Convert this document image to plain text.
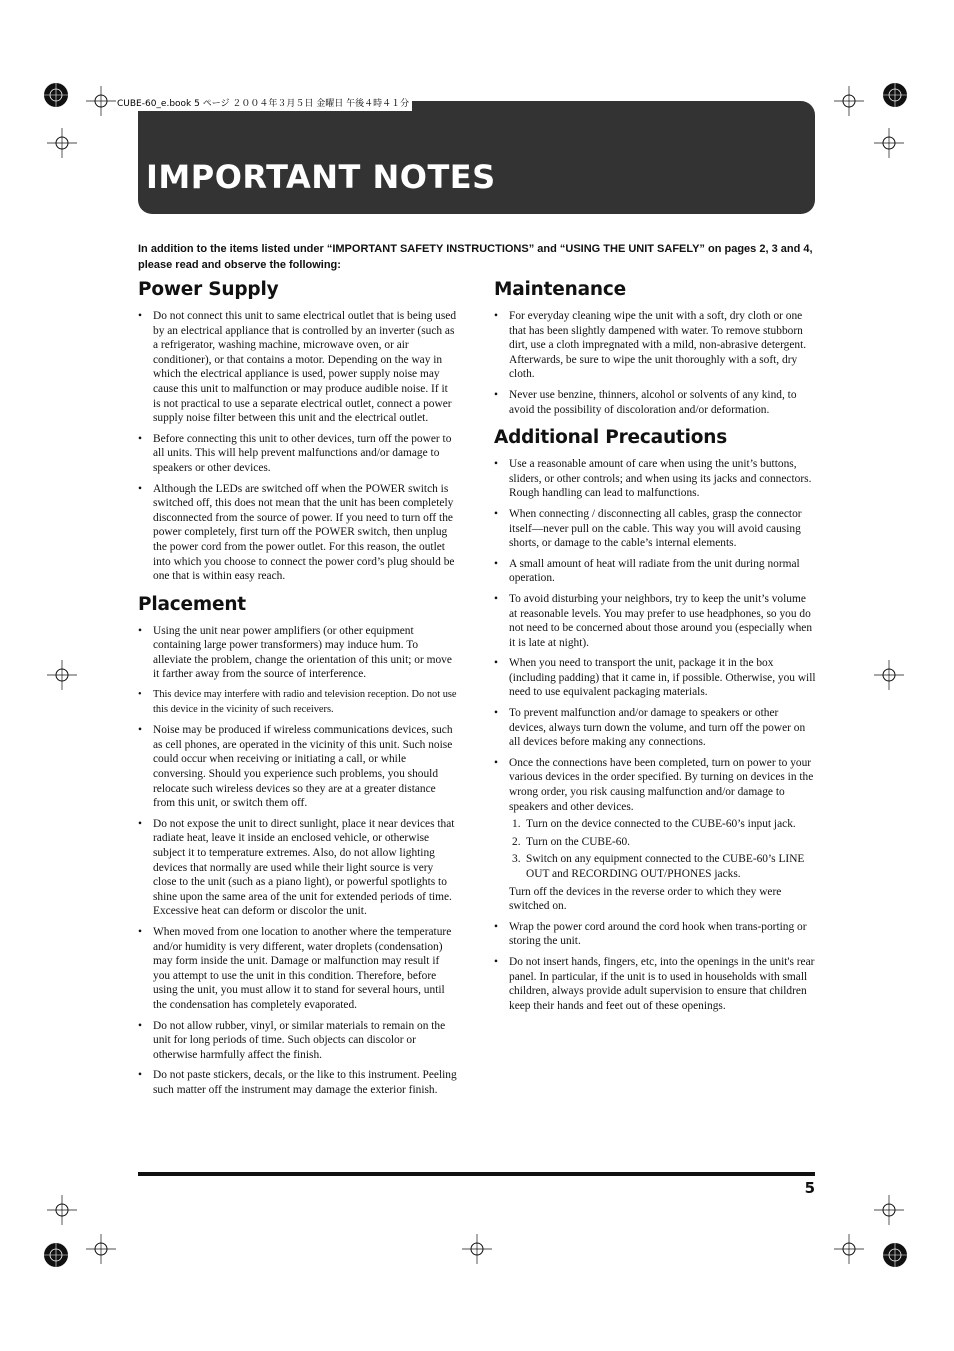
IMPORTANT NOTES
CUBE-60_e.book 5 ページ ２００４年３月５日 金曜日 午後４時４１分

In addition to the items listed under “IMPORTANT SAFETY INSTRUCTIONS” and “USING THE UNIT SAFELY” on pages 2, 3 and 4, please read and observe the following:

Power Supply
• Do not connect this unit to same electrical outlet that is being used by an electrical appliance that is controlled by an inverter (such as a refrigerator, washing machine, microwave oven, or air conditioner), or that contains a motor. Depending on the way in which the electrical appliance is used, power supply noise may cause this unit to malfunction or may produce audible noise. If it is not practical to use a separate electrical outlet, connect a power supply noise filter between this unit and the electrical outlet.
• Before connecting this unit to other devices, turn off the power to all units. This will help prevent malfunctions and/or damage to speakers or other devices.
• Although the LEDs are switched off when the POWER switch is switched off, this does not mean that the unit has been completely disconnected from the source of power. If you need to turn off the power completely, first turn off the POWER switch, then unplug the power cord from the power outlet. For this reason, the outlet into which you choose to connect the power cord’s plug should be one that is within easy reach.
Placement
• Using the unit near power amplifiers (or other equipment containing large power transformers) may induce hum. To alleviate the problem, change the orientation of this unit; or move it farther away from the source of interference.
• This device may interfere with radio and television reception. Do not use this device in the vicinity of such receivers.
• Noise may be produced if wireless communications devices, such as cell phones, are operated in the vicinity of this unit. Such noise could occur when receiving or initiating a call, or while conversing. Should you experience such problems, you should relocate such wireless devices so they are at a greater distance from this unit, or switch them off.
• Do not expose the unit to direct sunlight, place it near devices that radiate heat, leave it inside an enclosed vehicle, or otherwise subject it to temperature extremes. Also, do not allow lighting devices that normally are used while their light source is very close to the unit (such as a piano light), or powerful spotlights to shine upon the same area of the unit for extended periods of time. Excessive heat can deform or discolor the unit.
• When moved from one location to another where the temperature and/or humidity is very different, water droplets (condensation) may form inside the unit. Damage or malfunction may result if you attempt to use the unit in this condition. Therefore, before using the unit, you must allow it to stand for several hours, until the condensation has completely evaporated.
• Do not allow rubber, vinyl, or similar materials to remain on the unit for long periods of time. Such objects can discolor or otherwise harmfully affect the finish.
• Do not paste stickers, decals, or the like to this instrument. Peeling such matter off the instrument may damage the exterior finish.
Maintenance
• For everyday cleaning wipe the unit with a soft, dry cloth or one that has been slightly dampened with water. To remove stubborn dirt, use a cloth impregnated with a mild, non-abrasive detergent. Afterwards, be sure to wipe the unit thoroughly with a soft, dry cloth.
• Never use benzine, thinners, alcohol or solvents of any kind, to avoid the possibility of discoloration and/or deformation.
Additional Precautions
• Use a reasonable amount of care when using the unit’s buttons, sliders, or other controls; and when using its jacks and connectors. Rough handling can lead to malfunctions.
• When connecting / disconnecting all cables, grasp the connector itself—never pull on the cable. This way you will avoid causing shorts, or damage to the cable’s internal elements.
• A small amount of heat will radiate from the unit during normal operation.
• To avoid disturbing your neighbors, try to keep the unit’s volume at reasonable levels. You may prefer to use headphones, so you do not need to be concerned about those around you (especially when it is late at night).
• When you need to transport the unit, package it in the box (including padding) that it came in, if possible. Otherwise, you will need to use equivalent packaging materials.
• To prevent malfunction and/or damage to speakers or other devices, always turn down the volume, and turn off the power on all devices before making any connections.
• Once the connections have been completed, turn on power to your various devices in the order specified. By turning on devices in the wrong order, you risk causing malfunction and/or damage to speakers and other devices.
1. Turn on the device connected to the CUBE-60’s input jack.
2. Turn on the CUBE-60.
3. Switch on any equipment connected to the CUBE-60’s LINE OUT and RECORDING OUT/PHONES jacks.

Turn off the devices in the reverse order to which they were switched on.

• Wrap the power cord around the cord hook when trans-porting or storing the unit.
• Do not insert hands, fingers, etc, into the openings in the unit's rear panel. In particular, if the unit is to used in households with small children, always provide adult supervision to ensure that children keep their hands and feet out of these openings.
5
